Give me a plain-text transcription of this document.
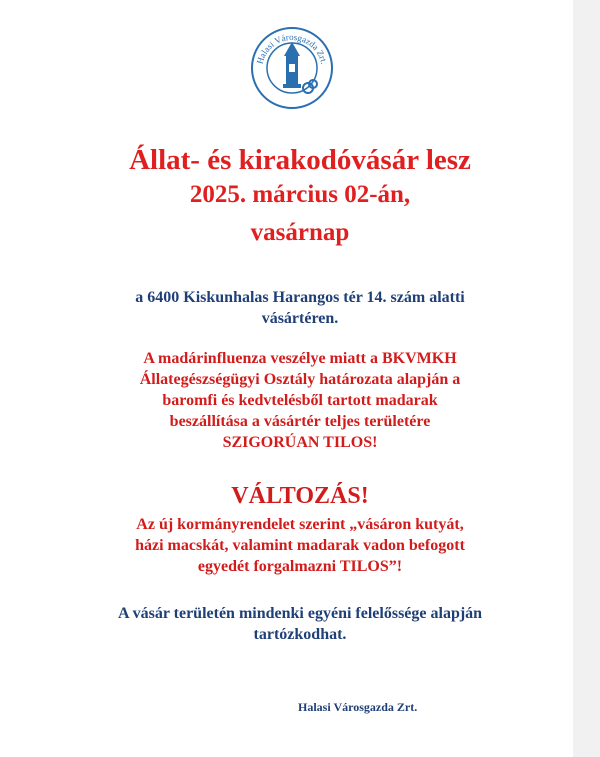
Halasi Városgazda Zrt.

Állat- és kirakodóvásár lesz

2025. március 02-án,

vasárnap

a 6400 Kiskunhalas Harangos tér 14. szám alatti
vásártéren.

A madárinfluenza veszélye miatt a BKVMKH
Állategészségügyi Osztály határozata alapján a
baromfi és kedvtelésből tartott madarak
beszállítása a vásártér teljes területére
SZIGORÚAN TILOS!

VÁLTOZÁS!

Az új kormányrendelet szerint „vásáron kutyát,
házi macskát, valamint madarak vadon befogott
egyedét forgalmazni TILOS”!

A vásár területén mindenki egyéni felelőssége alapján
tartózkodhat.

Halasi Városgazda Zrt.
